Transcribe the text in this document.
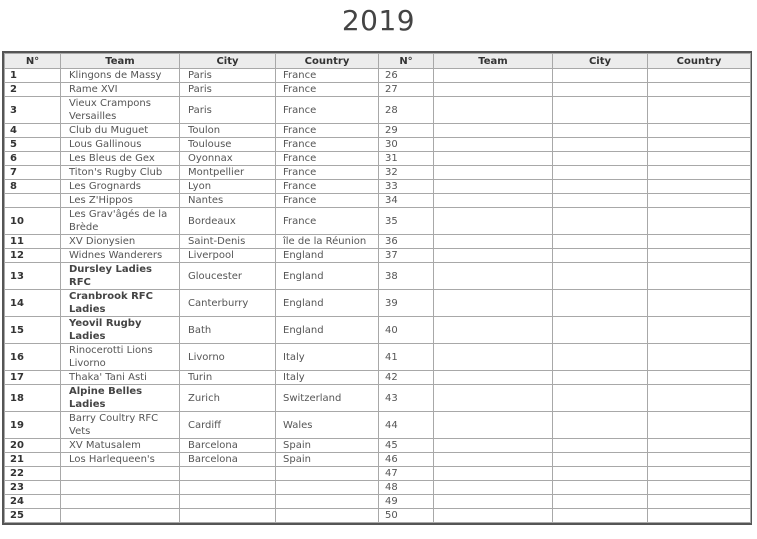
2019
N°	Team	City	Country	N°	Team	City	Country
1	Klingons de Massy	Paris	France	26			
2	Rame XVI	Paris	France	27			
3	Vieux Crampons Versailles	Paris	France	28			
4	Club du Muguet	Toulon	France	29			
5	Lous Gallinous	Toulouse	France	30			
6	Les Bleus de Gex	Oyonnax	France	31			
7	Titon's Rugby Club	Montpellier	France	32			
8	Les Grognards	Lyon	France	33			
	Les Z'Hippos	Nantes	France	34			
10	Les Grav'âgés de la Brède	Bordeaux	France	35			
11	XV Dionysien	Saint-Denis	île de la Réunion	36			
12	Widnes Wanderers	Liverpool	England	37			
13	Dursley Ladies RFC	Gloucester	England	38			
14	Cranbrook RFC Ladies	Canterburry	England	39			
15	Yeovil Rugby Ladies	Bath	England	40			
16	Rinocerotti Lions Livorno	Livorno	Italy	41			
17	Thaka' Tani Asti	Turin	Italy	42			
18	Alpine Belles Ladies	Zurich	Switzerland	43			
19	Barry Coultry RFC Vets	Cardiff	Wales	44			
20	XV Matusalem	Barcelona	Spain	45			
21	Los Harlequeen's	Barcelona	Spain	46			
22				47			
23				48			
24				49			
25				50			
